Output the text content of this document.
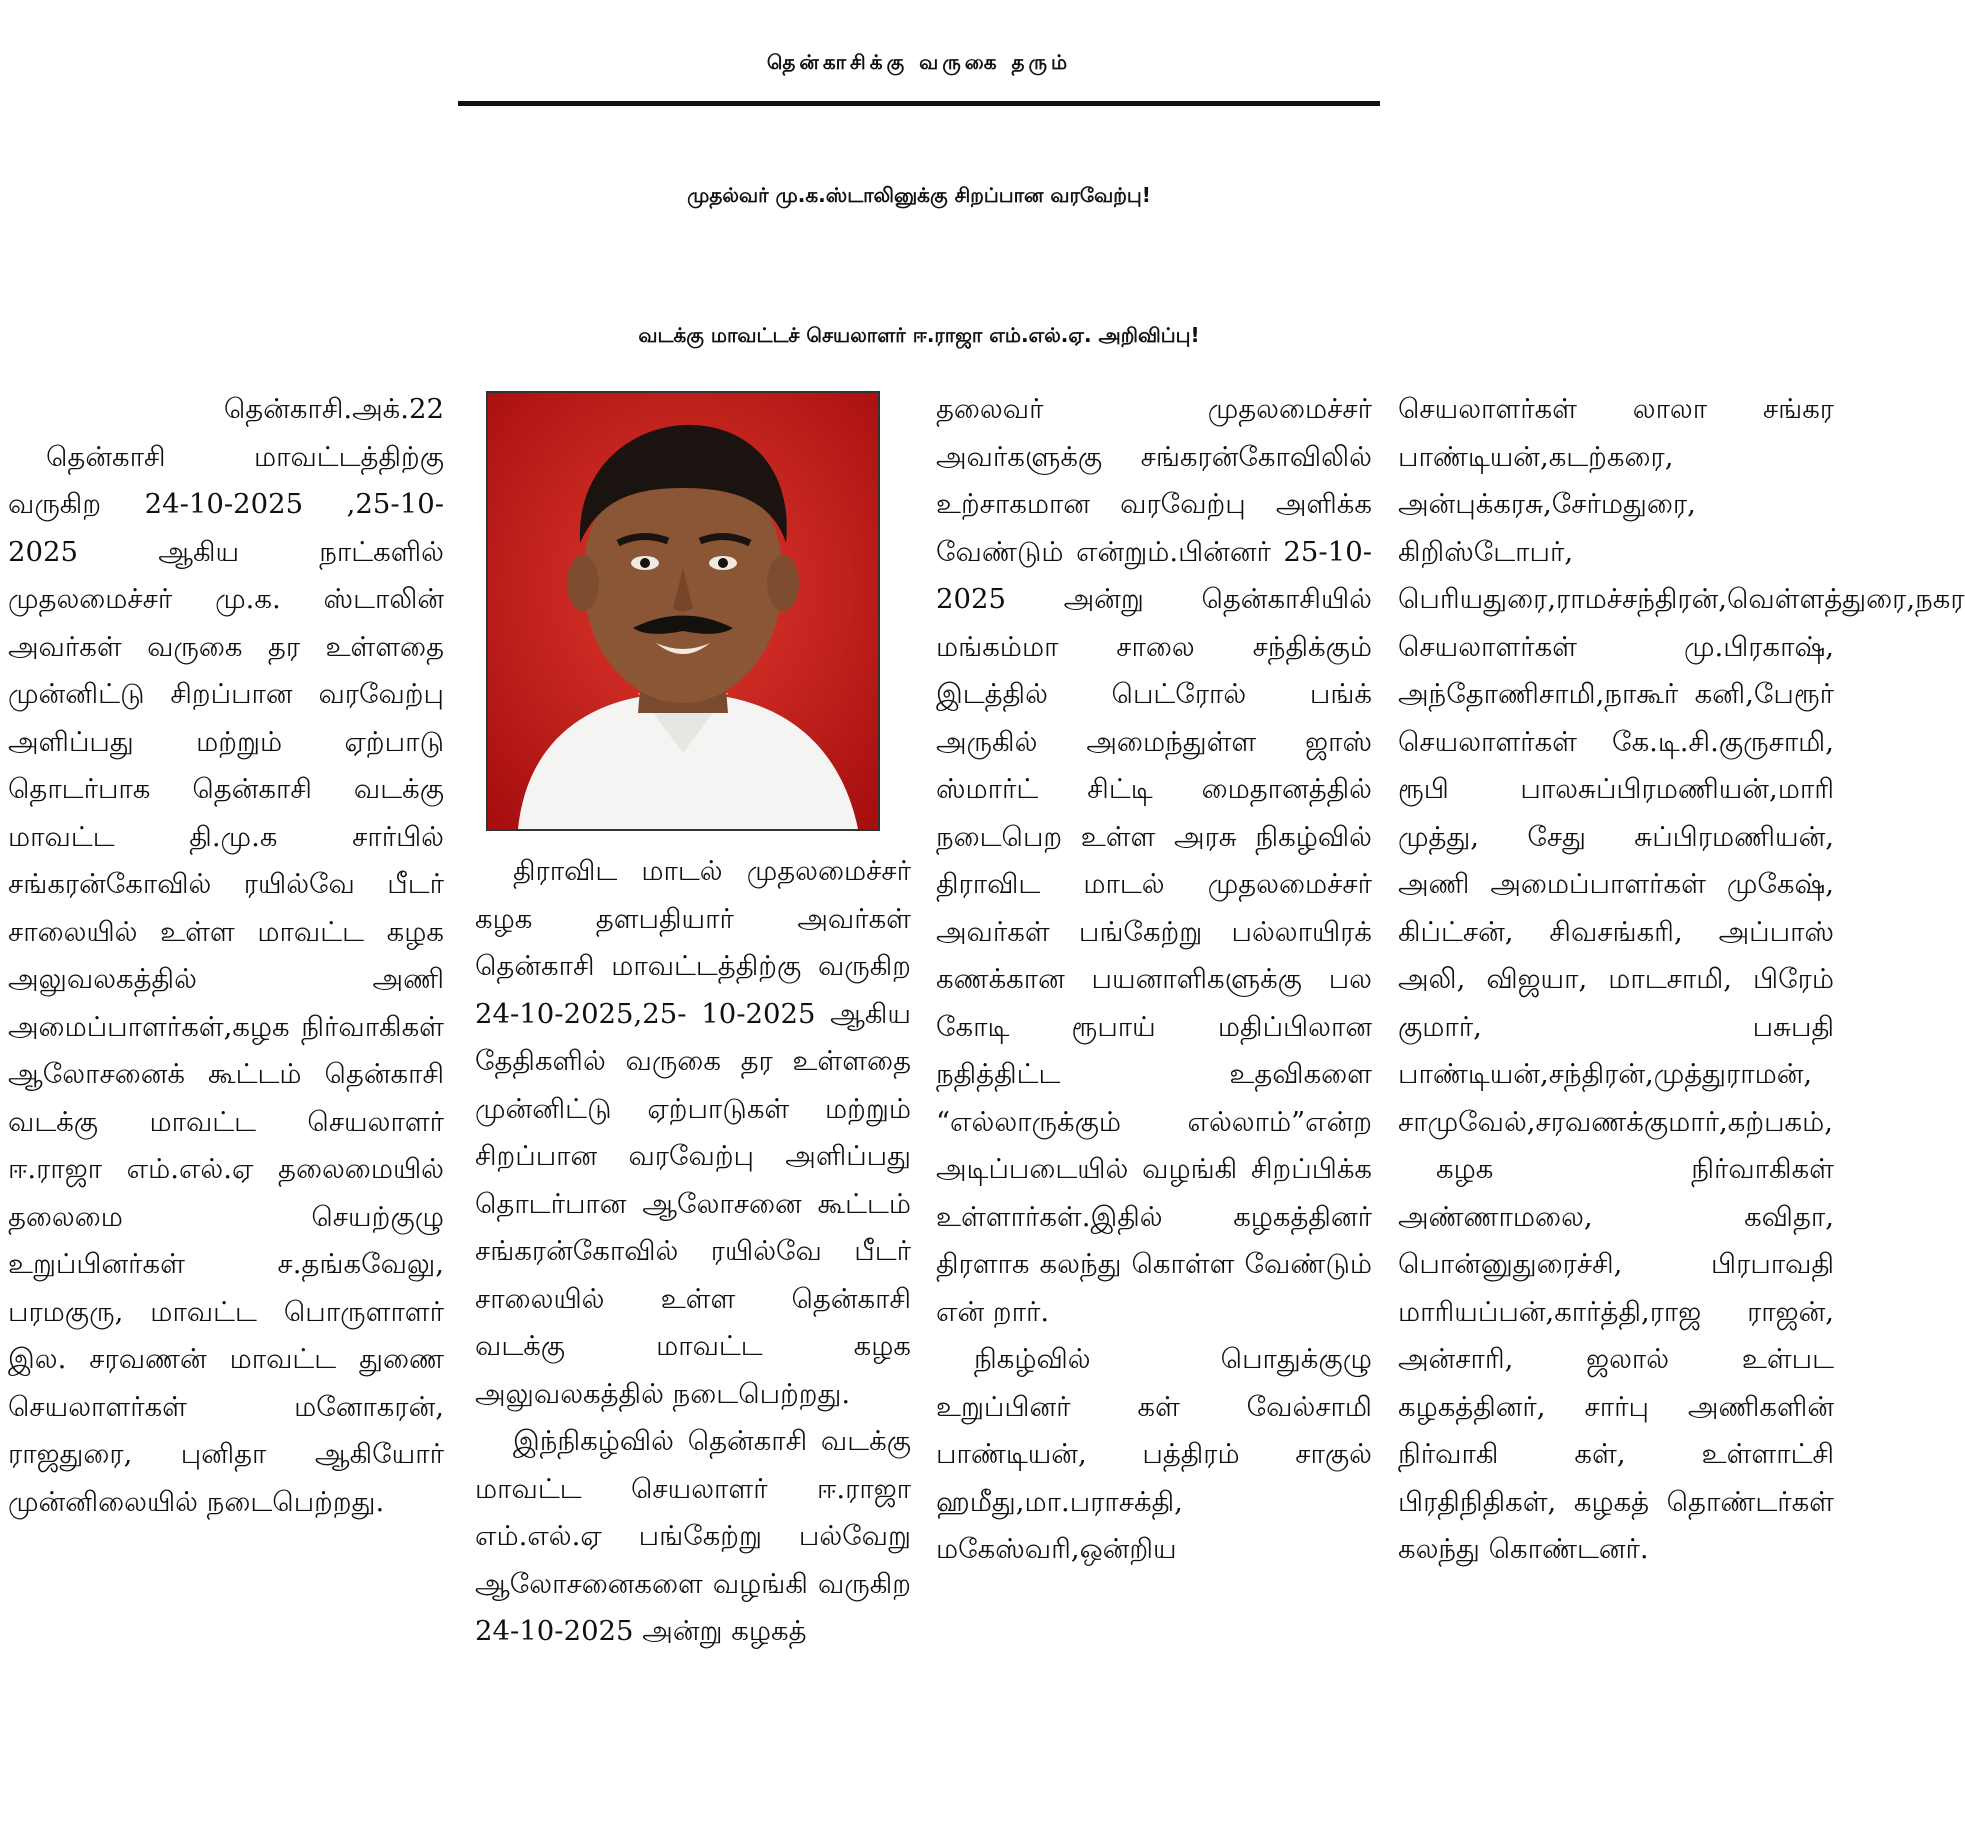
தென்காசிக்கு வருகை தரும்
முதல்வர் மு.க.ஸ்டாலினுக்கு சிறப்பான வரவேற்பு!
வடக்கு மாவட்டச் செயலாளர் ஈ.ராஜா எம்.எல்.ஏ. அறிவிப்பு!

தென்காசி.அக்.22

தென்காசி மாவட்டத்திற்கு வருகிற 24-10-2025 ,25-10-2025 ஆகிய நாட்களில் முதலமைச்சர் மு.க. ஸ்டாலின் அவர்கள் வருகை தர உள்ளதை முன்னிட்டு சிறப்பான வரவேற்பு அளிப்பது மற்றும் ஏற்பாடு தொடர்பாக தென்காசி வடக்கு மாவட்ட தி.மு.க சார்பில் சங்கரன்கோவில் ரயில்வே பீடர் சாலையில் உள்ள மாவட்ட கழக அலுவலகத்தில் அணி அமைப்பாளர்கள்,கழக நிர்வாகிகள் ஆலோசனைக் கூட்டம் தென்காசி வடக்கு மாவட்ட செயலாளர் ஈ.ராஜா எம்.எல்.ஏ தலைமையில் தலைமை செயற்குழு உறுப்பினர்கள் ச.தங்கவேலு, பரமகுரு, மாவட்ட பொருளாளர் இல. சரவணன் மாவட்ட துணை செயலாளர்கள் மனோகரன், ராஜதுரை, புனிதா ஆகியோர் முன்னிலையில் நடைபெற்றது.

திராவிட மாடல் முதலமைச்சர் கழக தளபதியார் அவர்கள் தென்காசி மாவட்டத்திற்கு வருகிற 24-10-2025,25- 10-2025 ஆகிய தேதிகளில் வருகை தர உள்ளதை முன்னிட்டு ஏற்பாடுகள் மற்றும் சிறப்பான வரவேற்பு அளிப்பது தொடர்பான ஆலோசனை கூட்டம் சங்கரன்கோவில் ரயில்வே பீடர் சாலையில் உள்ள தென்காசி வடக்கு மாவட்ட கழக அலுவலகத்தில் நடைபெற்றது.

இந்நிகழ்வில் தென்காசி வடக்கு மாவட்ட செயலாளர் ஈ.ராஜா எம்.எல்.ஏ பங்கேற்று பல்வேறு ஆலோசனைகளை வழங்கி வருகிற 24-10-2025 அன்று கழகத்

தலைவர் முதலமைச்சர் அவர்களுக்கு சங்கரன்கோவிலில் உற்சாகமான வரவேற்பு அளிக்க வேண்டும் என்றும்.பின்னர் 25-10-2025 அன்று தென்காசியில் மங்கம்மா சாலை சந்திக்கும் இடத்தில் பெட்ரோல் பங்க் அருகில் அமைந்துள்ள ஜாஸ் ஸ்மார்ட் சிட்டி மைதானத்தில் நடைபெற உள்ள அரசு நிகழ்வில் திராவிட மாடல் முதலமைச்சர் அவர்கள் பங்கேற்று பல்லாயிரக் கணக்கான பயனாளிகளுக்கு பல கோடி ரூபாய் மதிப்பிலான நதித்திட்ட உதவிகளை “எல்லாருக்கும் எல்லாம்”என்ற அடிப்படையில் வழங்கி சிறப்பிக்க உள்ளார்கள்.இதில் கழகத்தினர் திரளாக கலந்து கொள்ள வேண்டும் என் றார்.

நிகழ்வில் பொதுக்குழு உறுப்பினர் கள் வேல்சாமி பாண்டியன், பத்திரம் சாகுல் ஹமீது,மா.பராசக்தி, மகேஸ்வரி,ஒன்றிய

செயலாளர்கள் லாலா சங்கர பாண்டியன்,கடற்கரை, அன்புக்கரசு,சேர்மதுரை, கிறிஸ்டோபர், பெரியதுரை,ராமச்சந்திரன்,வெள்ளத்துரை,நகர செயலாளர்கள் மு.பிரகாஷ், அந்தோணிசாமி,நாகூர் கனி,பேரூர் செயலாளர்கள் கே.டி.சி.குருசாமி, ரூபி பாலசுப்பிரமணியன்,மாரி முத்து, சேது சுப்பிரமணியன், அணி அமைப்பாளர்கள் முகேஷ், கிப்ட்சன், சிவசங்கரி, அப்பாஸ் அலி, விஜயா, மாடசாமி, பிரேம் குமார், பசுபதி பாண்டியன்,சந்திரன்,முத்துராமன், சாமுவேல்,சரவணக்குமார்,கற்பகம்,

கழக நிர்வாகிகள் அண்ணாமலை, கவிதா, பொன்னுதுரைச்சி, பிரபாவதி மாரியப்பன்,கார்த்தி,ராஜ ராஜன், அன்சாரி, ஜலால் உள்பட கழகத்தினர், சார்பு அணிகளின் நிர்வாகி கள், உள்ளாட்சி பிரதிநிதிகள், கழகத் தொண்டர்கள் கலந்து கொண்டனர்.
